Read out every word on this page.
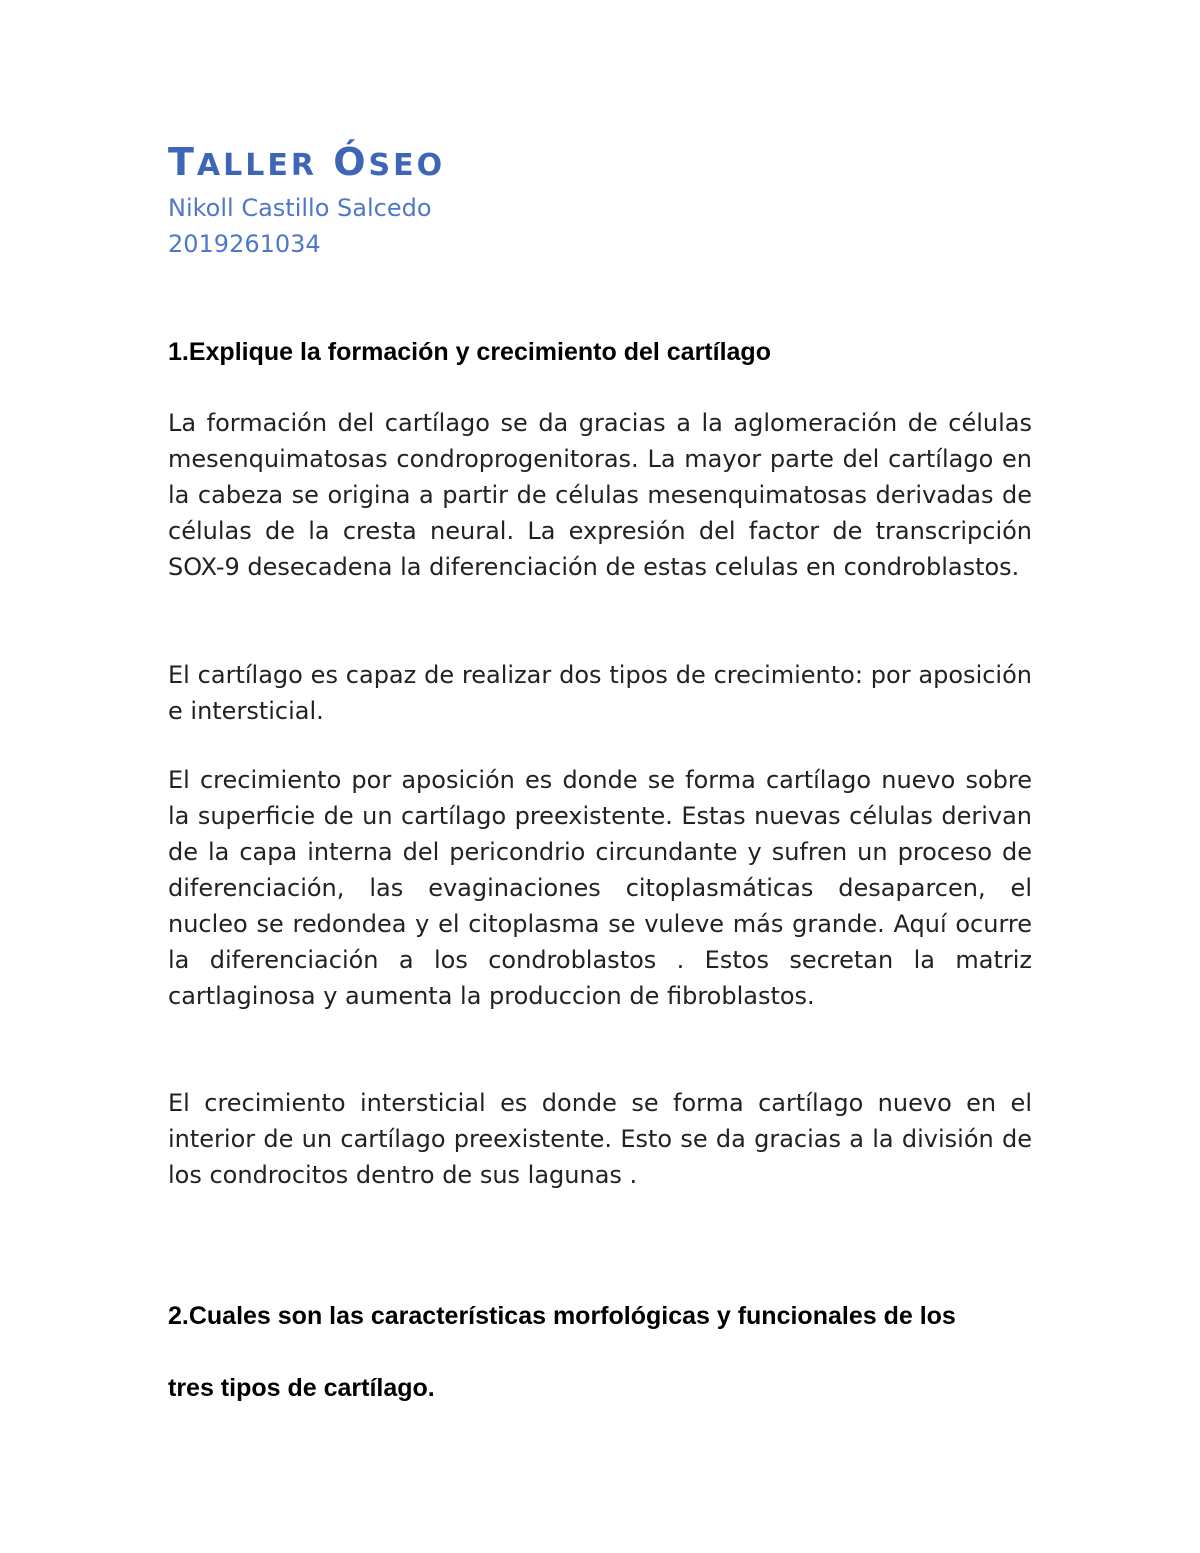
TALLER ÓSEO

Nikoll Castillo Salcedo

2019261034

1.Explique la formación y crecimiento del cartílago

La formación del cartílago se da gracias a la aglomeración de células mesenquimatosas condroprogenitoras. La mayor parte del cartílago en la cabeza se origina a partir de células mesenquimatosas derivadas de células de la cresta neural. La expresión del factor de transcripción SOX-9 desecadena la diferenciación de estas celulas en condroblastos.

El cartílago es capaz de realizar dos tipos de crecimiento: por aposición e intersticial.

El crecimiento por aposición es donde se forma cartílago nuevo sobre la superficie de un cartílago preexistente. Estas nuevas células derivan de la capa interna del pericondrio circundante y sufren un proceso de diferenciación, las evaginaciones citoplasmáticas desaparcen, el nucleo se redondea y el citoplasma se vuleve más grande. Aquí ocurre la diferenciación a los condroblastos . Estos secretan la matriz cartlaginosa y aumenta la produccion de fibroblastos.

El crecimiento intersticial es donde se forma cartílago nuevo en el interior de un cartílago preexistente. Esto se da gracias a la división de los condrocitos dentro de sus lagunas .

2.Cuales son las características morfológicas y funcionales de los
tres tipos de cartílago.
